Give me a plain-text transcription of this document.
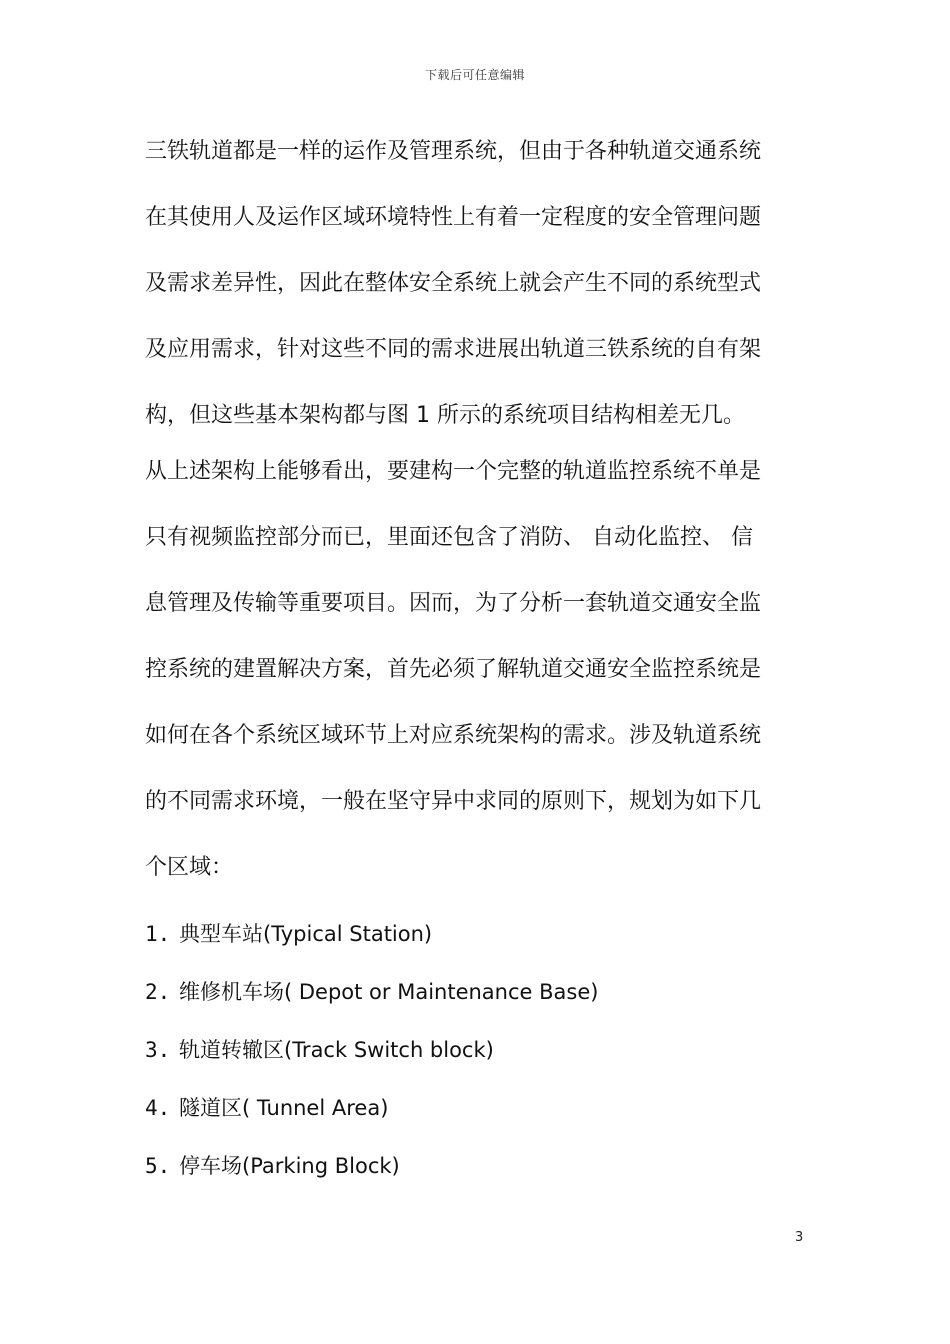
下载后可任意编辑
三铁轨道都是一样的运作及管理系统，但由于各种轨道交通系统
在其使用人及运作区域环境特性上有着一定程度的安全管理问题
及需求差异性，因此在整体安全系统上就会产生不同的系统型式
及应用需求，针对这些不同的需求进展出轨道三铁系统的自有架
构，但这些基本架构都与图 1 所示的系统项目结构相差无几。
从上述架构上能够看出，要建构一个完整的轨道监控系统不单是
只有视频监控部分而已，里面还包含了消防、 自动化监控、 信
息管理及传输等重要项目。因而，为了分析一套轨道交通安全监
控系统的建置解决方案，首先必须了解轨道交通安全监控系统是
如何在各个系统区域环节上对应系统架构的需求。涉及轨道系统
的不同需求环境，一般在坚守异中求同的原则下，规划为如下几
个区域：
1. 典型车站(Typical Station)
2. 维修机车场( Depot or Maintenance Base)
3. 轨道转辙区(Track Switch block)
4. 隧道区( Tunnel Area)
5. 停车场(Parking Block)
3
